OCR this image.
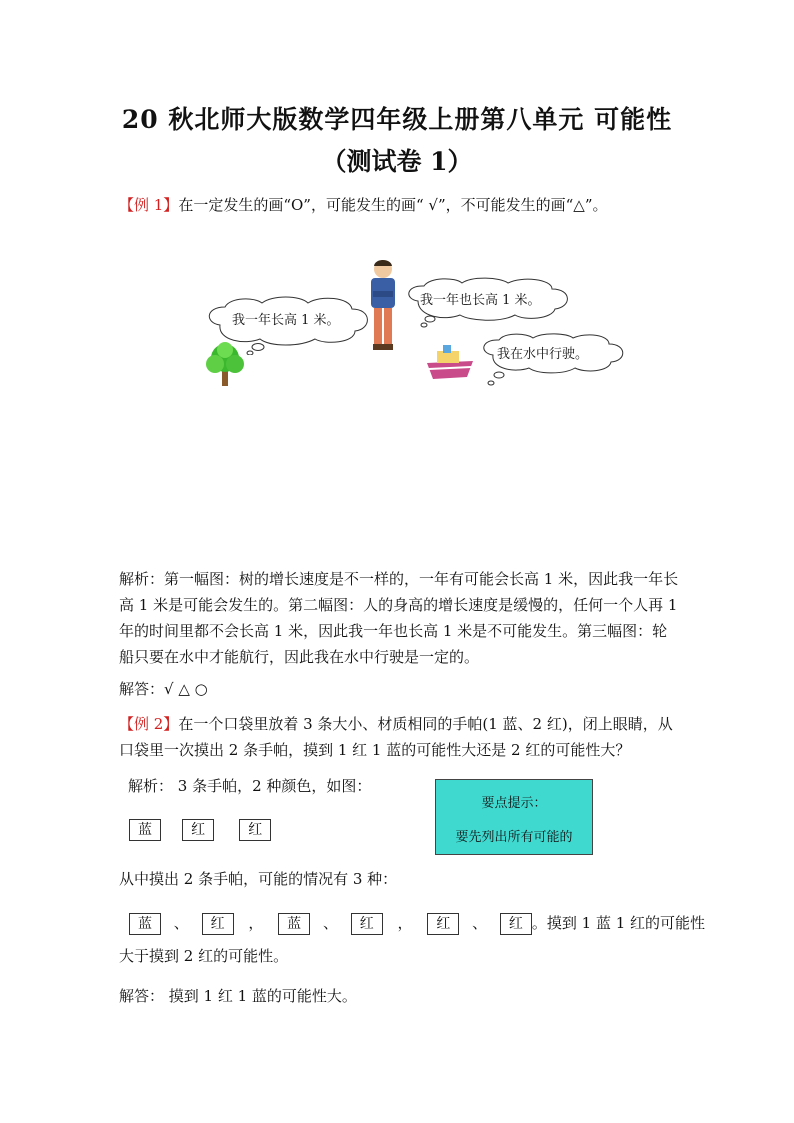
20 秋北师大版数学四年级上册第八单元 可能性
（测试卷 1）
【例 1】在一定发生的画“O”，可能发生的画“ √”，不可能发生的画“△”。
我一年长高 1 米。
我一年也长高 1 米。
我在水中行驶。
解析：第一幅图：树的增长速度是不一样的，一年有可能会长高 1 米，因此我一年长高 1 米是可能会发生的。第二幅图：人的身高的增长速度是缓慢的，任何一个人再 1 年的时间里都不会长高 1 米，因此我一年也长高 1 米是不可能发生。第三幅图：轮船只要在水中才能航行，因此我在水中行驶是一定的。
解答：√ △ ○
【例 2】在一个口袋里放着 3 条大小、材质相同的手帕(1 蓝、2 红)，闭上眼睛，从口袋里一次摸出 2 条手帕，摸到 1 红 1 蓝的可能性大还是 2 红的可能性大？
解析： 3 条手帕，2 种颜色，如图：
要点提示：
要先列出所有可能的
蓝	红	红
从中摸出 2 条手帕，可能的情况有 3 种：
蓝 、 红 ， 蓝 、 红 ， 红 、 红 。摸到 1 蓝 1 红的可能性
大于摸到 2 红的可能性。
解答： 摸到 1 红 1 蓝的可能性大。
